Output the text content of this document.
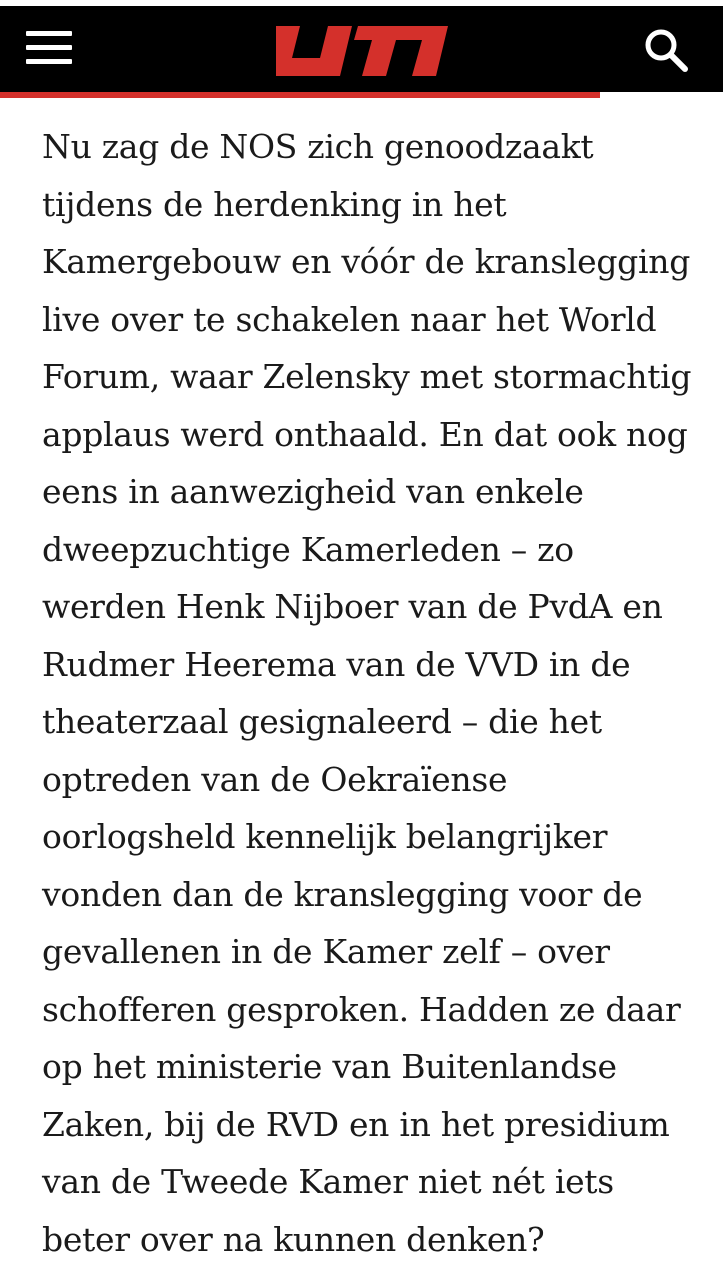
Nu zag de NOS zich genoodzaakt tijdens de herdenking in het Kamergebouw en vóór de kranslegging live over te schakelen naar het World Forum, waar Zelensky met stormachtig applaus werd onthaald. En dat ook nog eens in aanwezigheid van enkele dweepzuchtige Kamerleden – zo werden Henk Nijboer van de PvdA en Rudmer Heerema van de VVD in de theaterzaal gesignaleerd – die het optreden van de Oekraïense oorlogsheld kennelijk belangrijker vonden dan de kranslegging voor de gevallenen in de Kamer zelf – over schofferen gesproken. Hadden ze daar op het ministerie van Buitenlandse Zaken, bij de RVD en in het presidium van de Tweede Kamer niet nét iets beter over na kunnen denken?
